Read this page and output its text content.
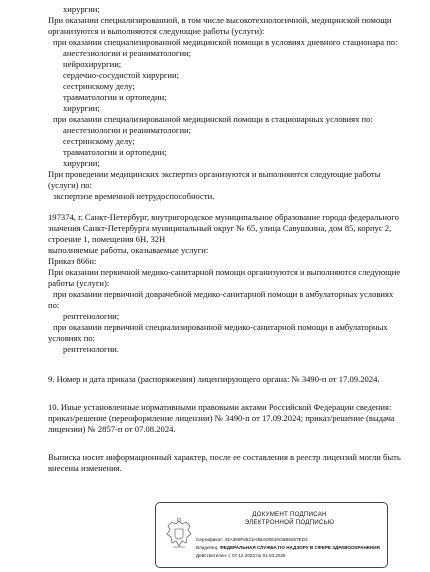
хирургии;
При оказании специализированной, в том числе высокотехнологичной, медицинской помощи
организуются и выполняются следующие работы (услуги):
при оказании специализированной медицинской помощи в условиях дневного стационара по:
анестезиологии и реаниматологии;
нейрохирургии;
сердечно-сосудистой хирургии;
сестринскому делу;
травматологии и ортопедии;
хирургии;
при оказании специализированной медицинской помощи в стационарных условиях по:
анестезиологии и реаниматологии;
сестринскому делу;
травматологии и ортопедии;
хирургии;
При проведении медицинских экспертиз организуются и выполняются следующие работы
(услуги) по:
экспертизе временной нетрудоспособности.
197374, г. Санкт-Петербург, внутригородское муниципальное образование города федерального
значения Санкт-Петербурга муниципальный округ № 65, улица Савушкина, дом 85, корпус 2,
строение 1, помещения 6Н, 32Н
выполняемые работы, оказываемые услуги:
Приказ 866н:
При оказании первичной медико-санитарной помощи организуются и выполняются следующие
работы (услуги):
при оказании первичной доврачебной медико-санитарной помощи в амбулаторных условиях
по:
рентгенологии;
при оказании первичной специализированной медико-санитарной помощи в амбулаторных
условиях по:
рентгенологии.
9. Номер и дата приказа (распоряжения) лицензирующего органа: № 3490-п от 17.09.2024.
10. Иные установленные нормативными правовыми актами Российской Федерации сведения:
приказ/решение (переоформление лицензии) № 3490-п от 17.09.2024; приказ/решение (выдача
лицензии) № 2857-п от 07.08.2024.
Выписка носит информационный характер, после ее составления в реестр лицензий могли быть
внесены изменения.
ДОКУМЕНТ ПОДПИСАН
ЭЛЕКТРОННОЙ ПОДПИСЬЮ
Сертификат: 44A369F5521H3BAD0610CBB8257ED3
Владелец: ФЕДЕРАЛЬНАЯ СЛУЖБА ПО НАДЗОРУ В СФЕРЕ ЗДРАВООХРАНЕНИЯ
Действителен: с 07.12.2023 по 01.03.2025
